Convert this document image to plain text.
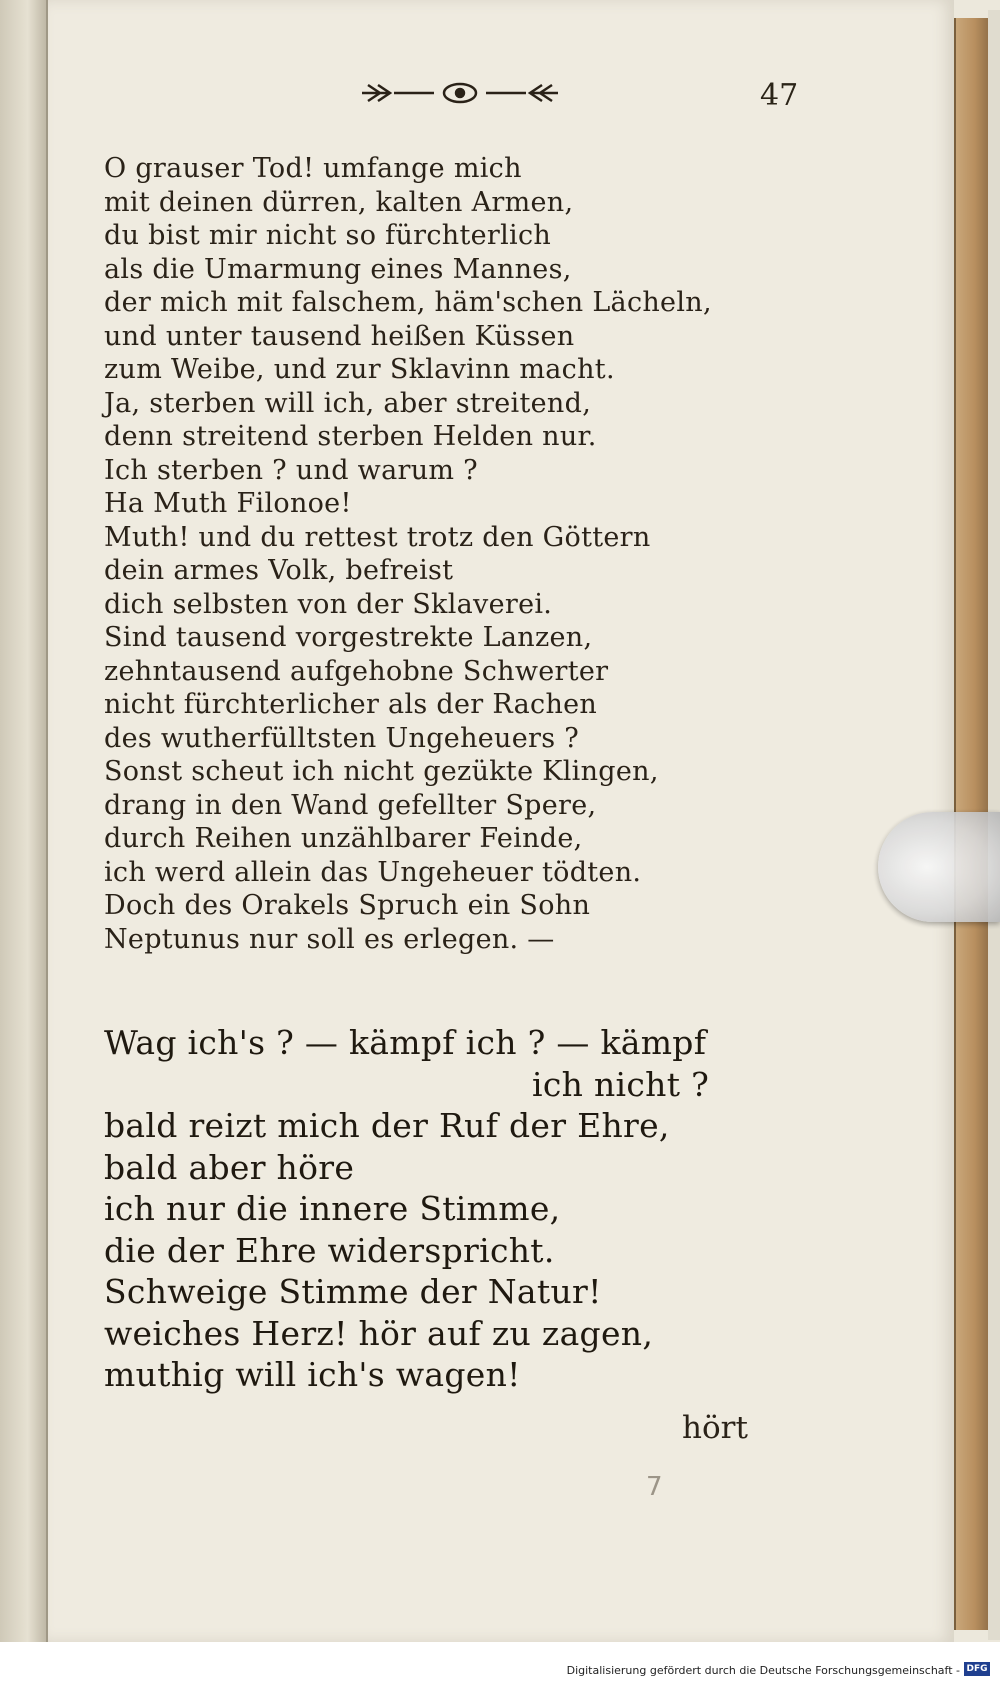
47
O grauser Tod! umfange mich
mit deinen dürren, kalten Armen,
du bist mir nicht so fürchterlich
als die Umarmung eines Mannes,
der mich mit falschem, häm'schen Lächeln,
und unter tausend heißen Küssen
zum Weibe, und zur Sklavinn macht.
Ja, sterben will ich, aber streitend,
denn streitend sterben Helden nur.
Ich sterben ? und warum ?
Ha Muth Filonoe!
Muth! und du rettest trotz den Göttern
dein armes Volk, befreist
dich selbsten von der Sklaverei.
Sind tausend vorgestrekte Lanzen,
zehntausend aufgehobne Schwerter
nicht fürchterlicher als der Rachen
des wutherfülltsten Ungeheuers ?
Sonst scheut ich nicht gezükte Klingen,
drang in den Wand gefellter Spere,
durch Reihen unzählbarer Feinde,
ich werd allein das Ungeheuer tödten.
Doch des Orakels Spruch ein Sohn
Neptunus nur soll es erlegen. —
Wag ich's ? — kämpf ich ? — kämpf
ich nicht ?
bald reizt mich der Ruf der Ehre,
bald aber höre
ich nur die innere Stimme,
die der Ehre widerspricht.
Schweige Stimme der Natur!
weiches Herz! hör auf zu zagen,
muthig will ich's wagen!
hört
7
Digitalisierung gefördert durch die Deutsche Forschungsgemeinschaft - DFG
